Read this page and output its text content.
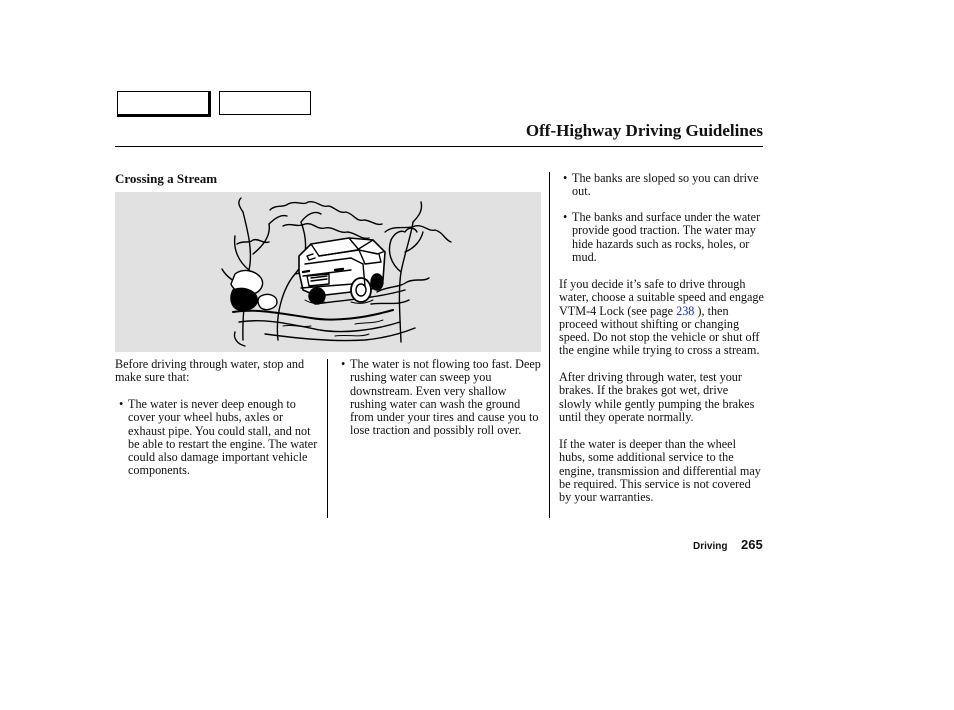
Off-Highway Driving Guidelines
Crossing a Stream
Before driving through water, stop and make sure that:
• The water is never deep enough to cover your wheel hubs, axles or exhaust pipe. You could stall, and not be able to restart the engine. The water could also damage important vehicle components.
• The water is not flowing too fast. Deep rushing water can sweep you downstream. Even very shallow rushing water can wash the ground from under your tires and cause you to lose traction and possibly roll over.
• The banks are sloped so you can drive out.
• The banks and surface under the water provide good traction. The water may hide hazards such as rocks, holes, or mud.
If you decide it’s safe to drive through water, choose a suitable speed and engage VTM-4 Lock (see page 238 ), then proceed without shifting or changing speed. Do not stop the vehicle or shut off the engine while trying to cross a stream.
After driving through water, test your brakes. If the brakes got wet, drive slowly while gently pumping the brakes until they operate normally.
If the water is deeper than the wheel hubs, some additional service to the engine, transmission and differential may be required. This service is not covered by your warranties.
Driving 265
